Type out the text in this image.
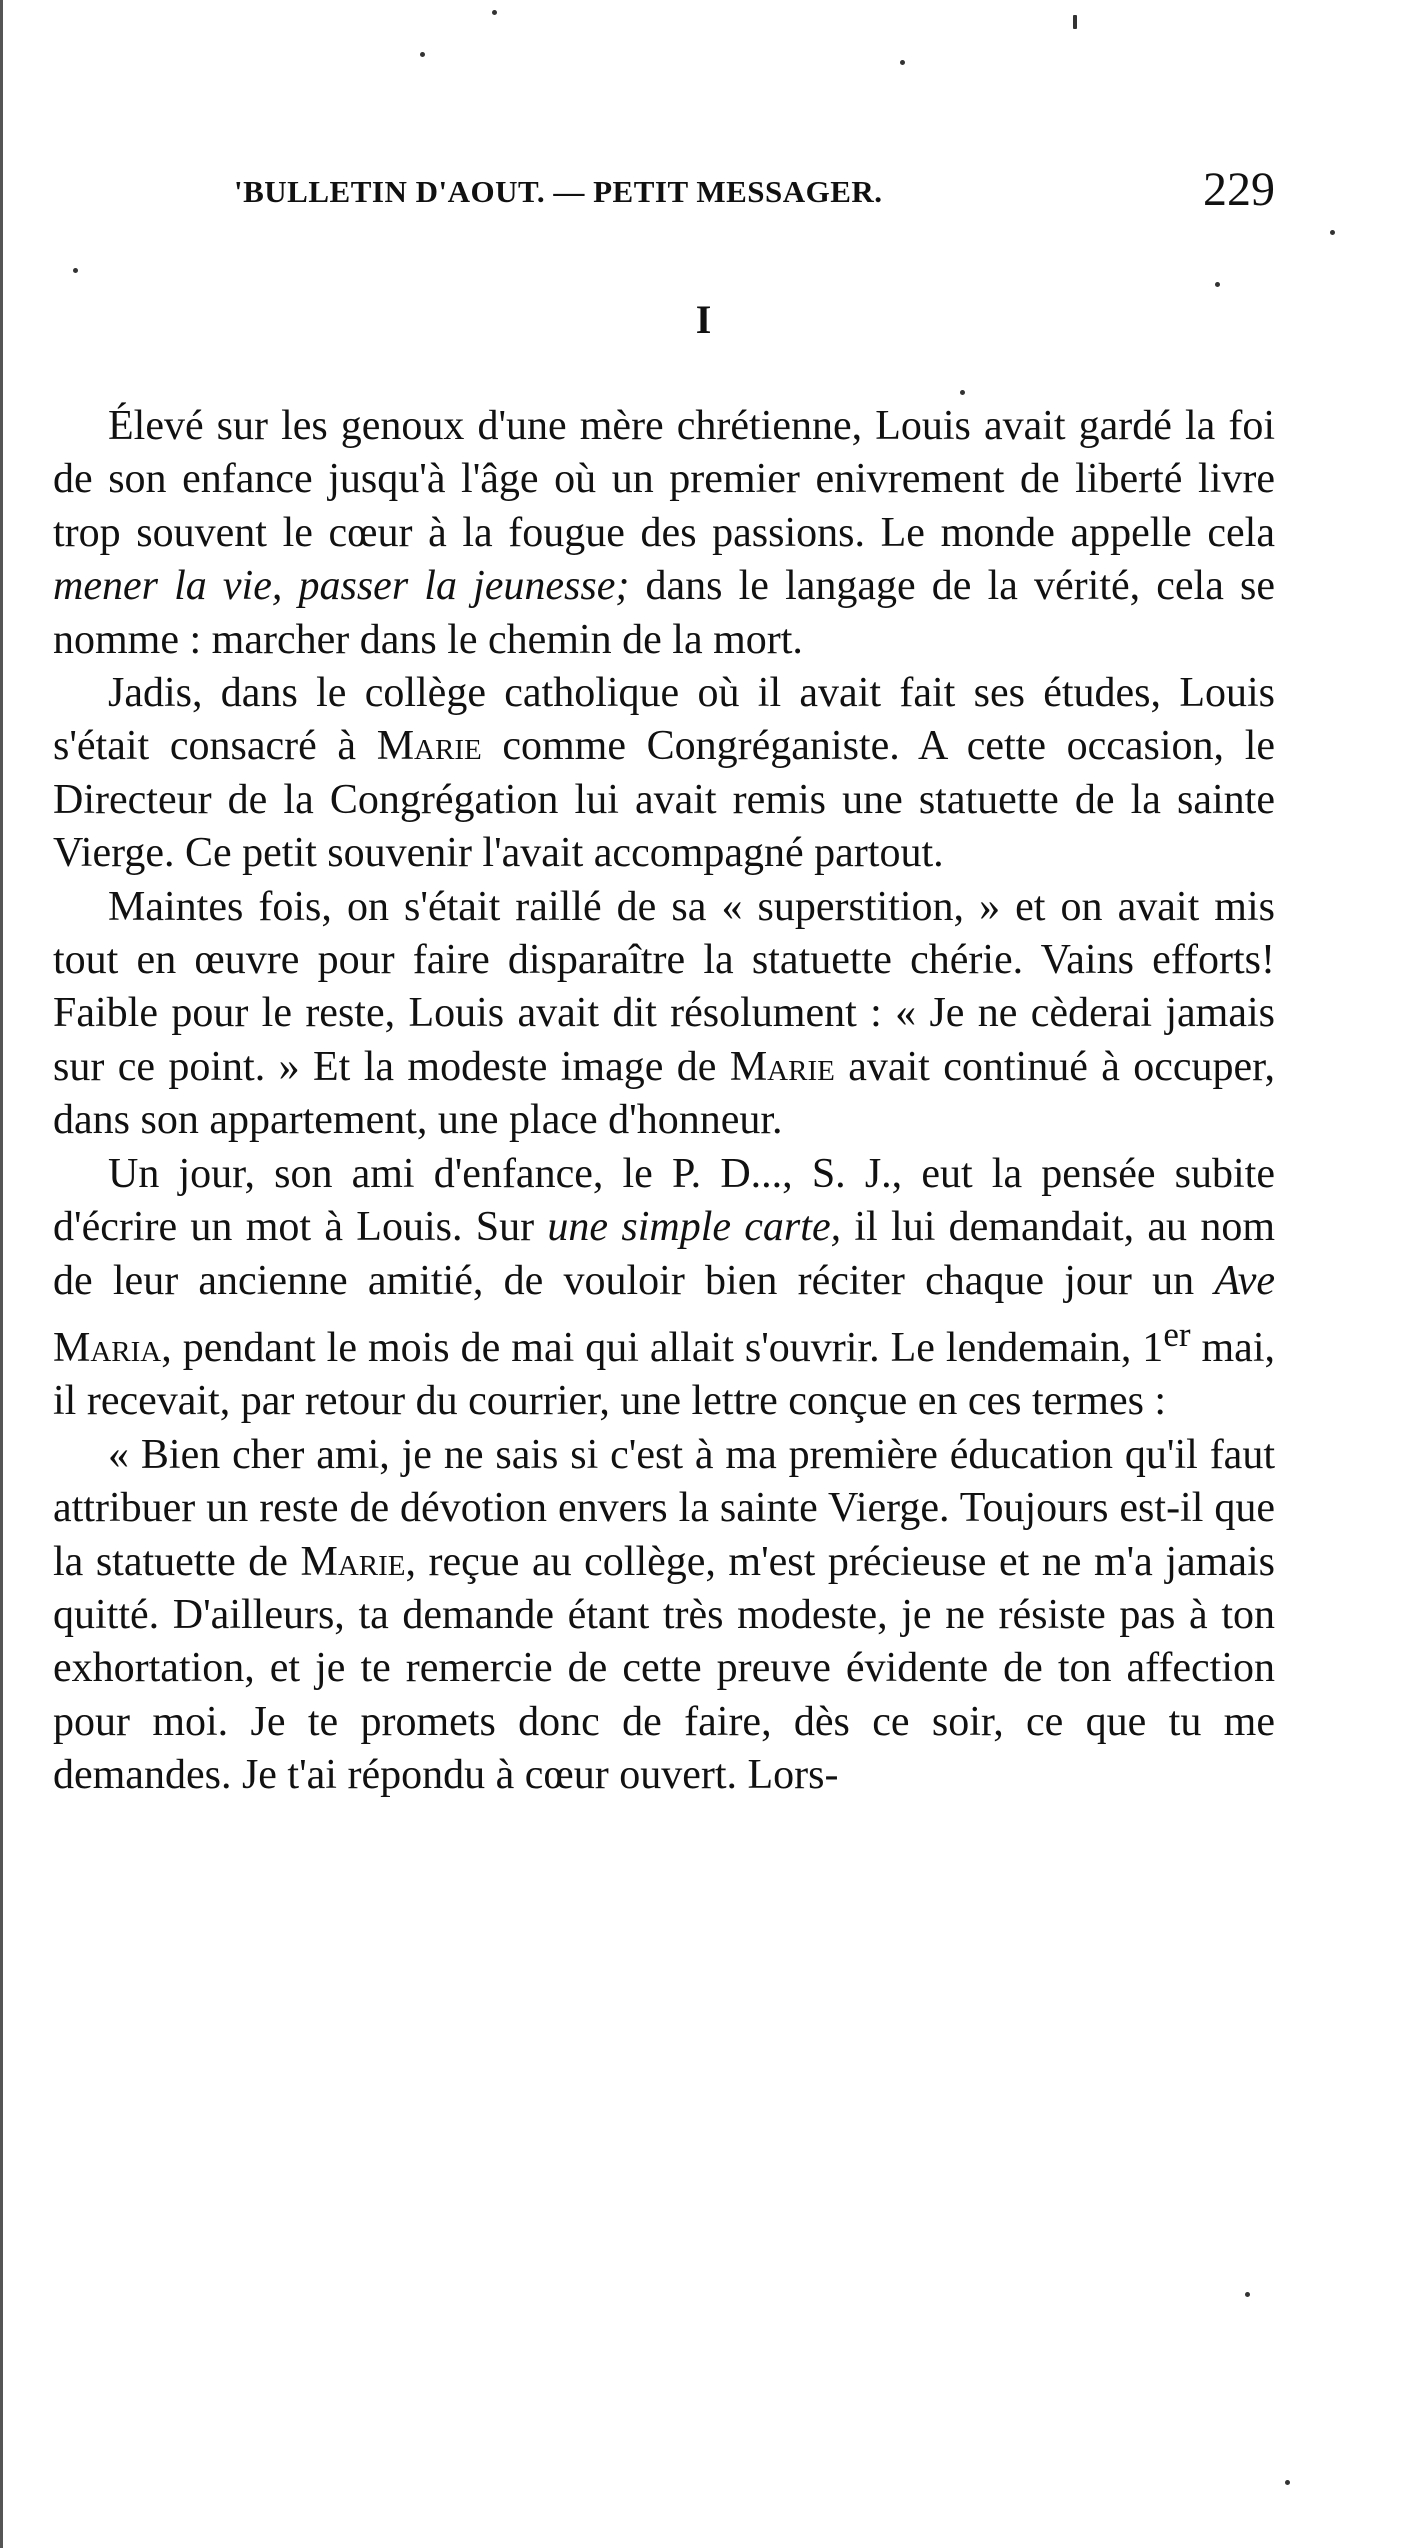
'BULLETIN D'AOUT. — PETIT MESSAGER.	229
I

Élevé sur les genoux d'une mère chrétienne, Louis avait gardé la foi de son enfance jusqu'à l'âge où un premier enivrement de liberté livre trop souvent le cœur à la fougue des passions. Le monde appelle cela mener la vie, passer la jeunesse; dans le langage de la vérité, cela se nomme : marcher dans le chemin de la mort.

Jadis, dans le collège catholique où il avait fait ses études, Louis s'était consacré à Marie comme Congréganiste. A cette occasion, le Directeur de la Congrégation lui avait remis une statuette de la sainte Vierge. Ce petit souvenir l'avait accompagné partout.

Maintes fois, on s'était raillé de sa « superstition, » et on avait mis tout en œuvre pour faire disparaître la statuette chérie. Vains efforts! Faible pour le reste, Louis avait dit résolument : « Je ne cèderai jamais sur ce point. » Et la modeste image de Marie avait continué à occuper, dans son appartement, une place d'honneur.

Un jour, son ami d'enfance, le P. D..., S. J., eut la pensée subite d'écrire un mot à Louis. Sur une simple carte, il lui demandait, au nom de leur ancienne amitié, de vouloir bien réciter chaque jour un Ave Maria, pendant le mois de mai qui allait s'ouvrir. Le lendemain, 1er mai, il recevait, par retour du courrier, une lettre conçue en ces termes :

« Bien cher ami, je ne sais si c'est à ma première éducation qu'il faut attribuer un reste de dévotion envers la sainte Vierge. Toujours est-il que la statuette de Marie, reçue au collège, m'est précieuse et ne m'a jamais quitté. D'ailleurs, ta demande étant très modeste, je ne résiste pas à ton exhortation, et je te remercie de cette preuve évidente de ton affection pour moi. Je te promets donc de faire, dès ce soir, ce que tu me demandes. Je t'ai répondu à cœur ouvert. Lors-
